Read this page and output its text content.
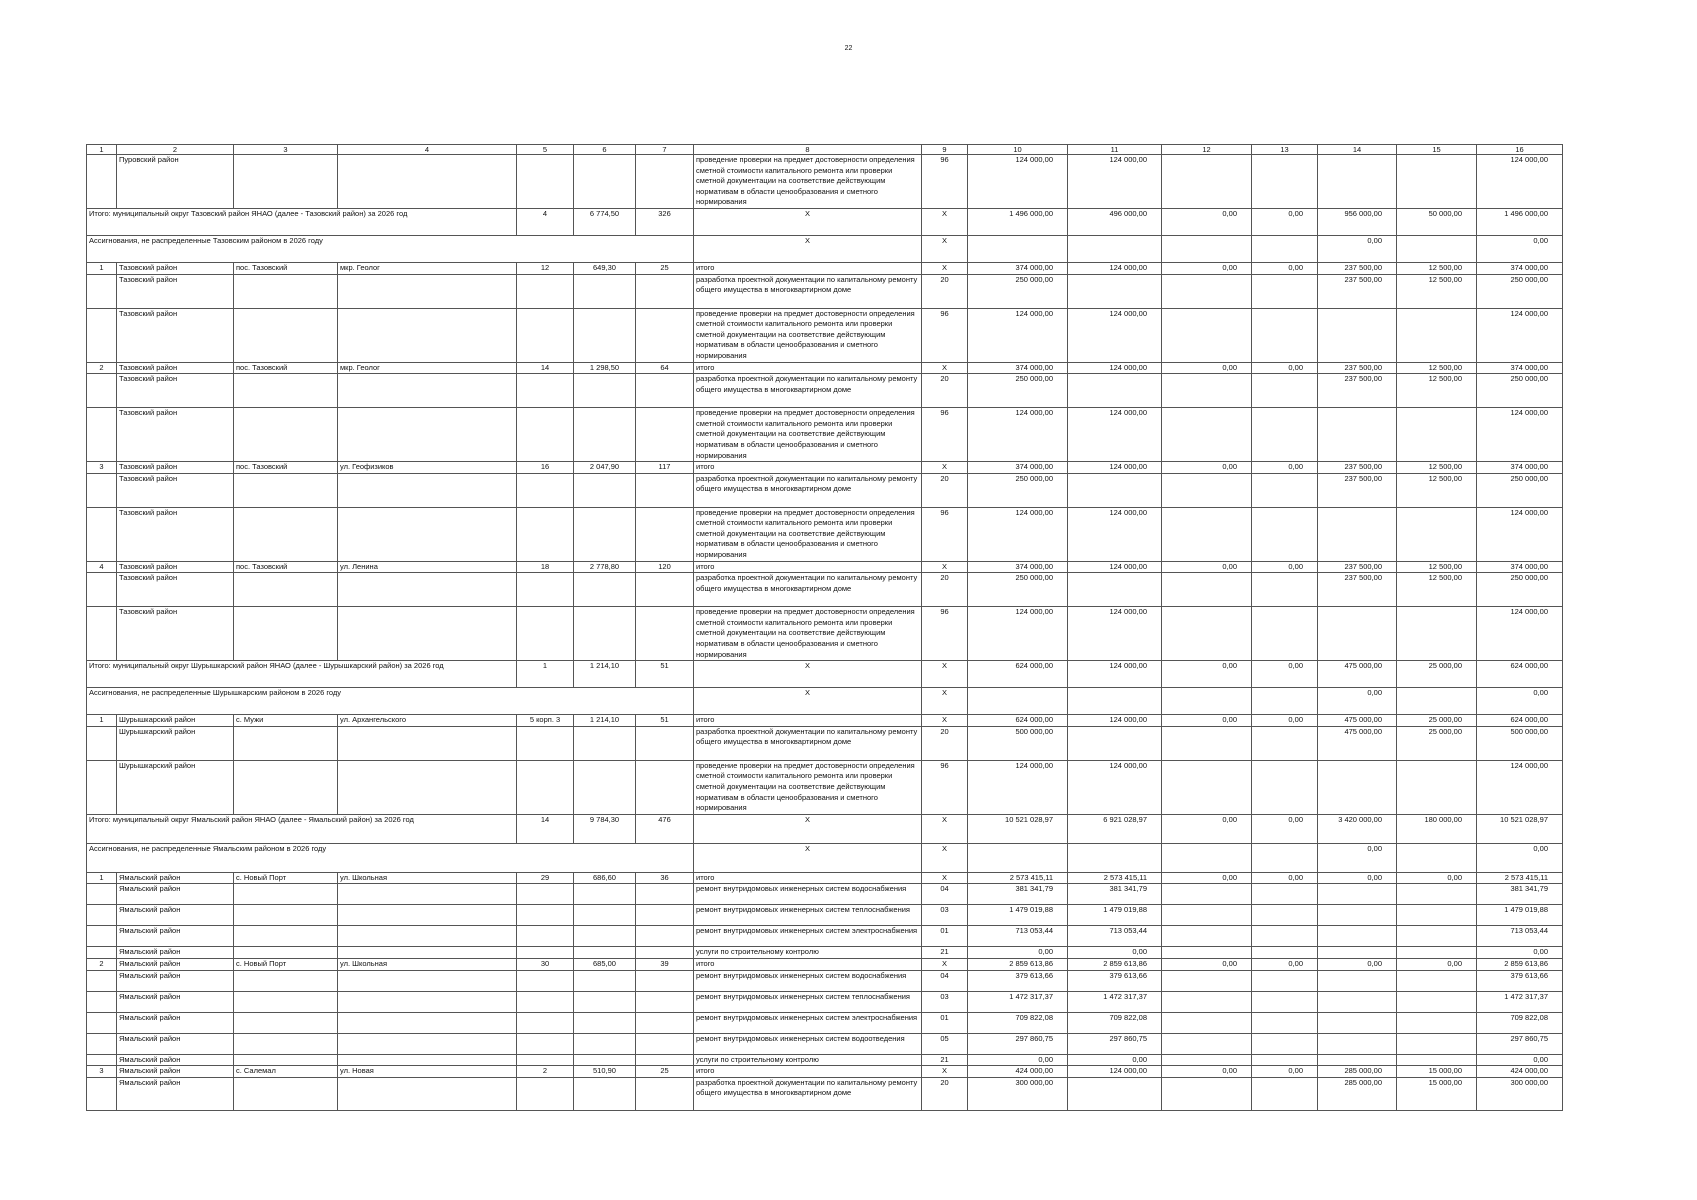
22
1	2	3	4	5	6	7	8	9	10	11	12	13	14	15	16
	Пуровский район						проведение проверки на предмет достоверности определения сметной стоимости капитального ремонта или проверки сметной документации на соответствие действующим нормативам в области ценообразования и сметного нормирования	96	124 000,00	124 000,00					124 000,00
Итого: муниципальный округ Тазовский район ЯНАО (далее - Тазовский район) за 2026 год				4	6 774,50	326	X	X	1 496 000,00	496 000,00	0,00	0,00	956 000,00	50 000,00	1 496 000,00
Ассигнования, не распределенные Тазовским районом в 2026 году							X	X					0,00		0,00
1	Тазовский район	пос. Тазовский	мкр. Геолог	12	649,30	25	итого	X	374 000,00	124 000,00	0,00	0,00	237 500,00	12 500,00	374 000,00
	Тазовский район						разработка проектной документации по капитальному ремонту общего имущества в многоквартирном доме	20	250 000,00				237 500,00	12 500,00	250 000,00
	Тазовский район						проведение проверки на предмет достоверности определения сметной стоимости капитального ремонта или проверки сметной документации на соответствие действующим нормативам в области ценообразования и сметного нормирования	96	124 000,00	124 000,00					124 000,00
2	Тазовский район	пос. Тазовский	мкр. Геолог	14	1 298,50	64	итого	X	374 000,00	124 000,00	0,00	0,00	237 500,00	12 500,00	374 000,00
	Тазовский район						разработка проектной документации по капитальному ремонту общего имущества в многоквартирном доме	20	250 000,00				237 500,00	12 500,00	250 000,00
	Тазовский район						проведение проверки на предмет достоверности определения сметной стоимости капитального ремонта или проверки сметной документации на соответствие действующим нормативам в области ценообразования и сметного нормирования	96	124 000,00	124 000,00					124 000,00
3	Тазовский район	пос. Тазовский	ул. Геофизиков	16	2 047,90	117	итого	X	374 000,00	124 000,00	0,00	0,00	237 500,00	12 500,00	374 000,00
	Тазовский район						разработка проектной документации по капитальному ремонту общего имущества в многоквартирном доме	20	250 000,00				237 500,00	12 500,00	250 000,00
	Тазовский район						проведение проверки на предмет достоверности определения сметной стоимости капитального ремонта или проверки сметной документации на соответствие действующим нормативам в области ценообразования и сметного нормирования	96	124 000,00	124 000,00					124 000,00
4	Тазовский район	пос. Тазовский	ул. Ленина	18	2 778,80	120	итого	X	374 000,00	124 000,00	0,00	0,00	237 500,00	12 500,00	374 000,00
	Тазовский район						разработка проектной документации по капитальному ремонту общего имущества в многоквартирном доме	20	250 000,00				237 500,00	12 500,00	250 000,00
	Тазовский район						проведение проверки на предмет достоверности определения сметной стоимости капитального ремонта или проверки сметной документации на соответствие действующим нормативам в области ценообразования и сметного нормирования	96	124 000,00	124 000,00					124 000,00
Итого: муниципальный округ Шурышкарский район ЯНАО (далее - Шурышкарский район) за 2026 год				1	1 214,10	51	X	X	624 000,00	124 000,00	0,00	0,00	475 000,00	25 000,00	624 000,00
Ассигнования, не распределенные Шурышкарским районом в 2026 году							X	X					0,00		0,00
1	Шурышкарский район	с. Мужи	ул. Архангельского	5 корп. 3	1 214,10	51	итого	X	624 000,00	124 000,00	0,00	0,00	475 000,00	25 000,00	624 000,00
	Шурышкарский район						разработка проектной документации по капитальному ремонту общего имущества в многоквартирном доме	20	500 000,00				475 000,00	25 000,00	500 000,00
	Шурышкарский район						проведение проверки на предмет достоверности определения сметной стоимости капитального ремонта или проверки сметной документации на соответствие действующим нормативам в области ценообразования и сметного нормирования	96	124 000,00	124 000,00					124 000,00
Итого: муниципальный округ Ямальский район ЯНАО (далее - Ямальский район) за 2026 год				14	9 784,30	476	X	X	10 521 028,97	6 921 028,97	0,00	0,00	3 420 000,00	180 000,00	10 521 028,97
Ассигнования, не распределенные Ямальским районом в 2026 году							X	X					0,00		0,00
1	Ямальский район	с. Новый Порт	ул. Школьная	29	686,60	36	итого	X	2 573 415,11	2 573 415,11	0,00	0,00	0,00	0,00	2 573 415,11
	Ямальский район						ремонт внутридомовых инженерных систем водоснабжения	04	381 341,79	381 341,79					381 341,79
	Ямальский район						ремонт внутридомовых инженерных систем теплоснабжения	03	1 479 019,88	1 479 019,88					1 479 019,88
	Ямальский район						ремонт внутридомовых инженерных систем электроснабжения	01	713 053,44	713 053,44					713 053,44
	Ямальский район						услуги по строительному контролю	21	0,00	0,00					0,00
2	Ямальский район	с. Новый Порт	ул. Школьная	30	685,00	39	итого	X	2 859 613,86	2 859 613,86	0,00	0,00	0,00	0,00	2 859 613,86
	Ямальский район						ремонт внутридомовых инженерных систем водоснабжения	04	379 613,66	379 613,66					379 613,66
	Ямальский район						ремонт внутридомовых инженерных систем теплоснабжения	03	1 472 317,37	1 472 317,37					1 472 317,37
	Ямальский район						ремонт внутридомовых инженерных систем электроснабжения	01	709 822,08	709 822,08					709 822,08
	Ямальский район						ремонт внутридомовых инженерных систем водоотведения	05	297 860,75	297 860,75					297 860,75
	Ямальский район						услуги по строительному контролю	21	0,00	0,00					0,00
3	Ямальский район	с. Салемал	ул. Новая	2	510,90	25	итого	X	424 000,00	124 000,00	0,00	0,00	285 000,00	15 000,00	424 000,00
	Ямальский район						разработка проектной документации по капитальному ремонту общего имущества в многоквартирном доме	20	300 000,00				285 000,00	15 000,00	300 000,00
